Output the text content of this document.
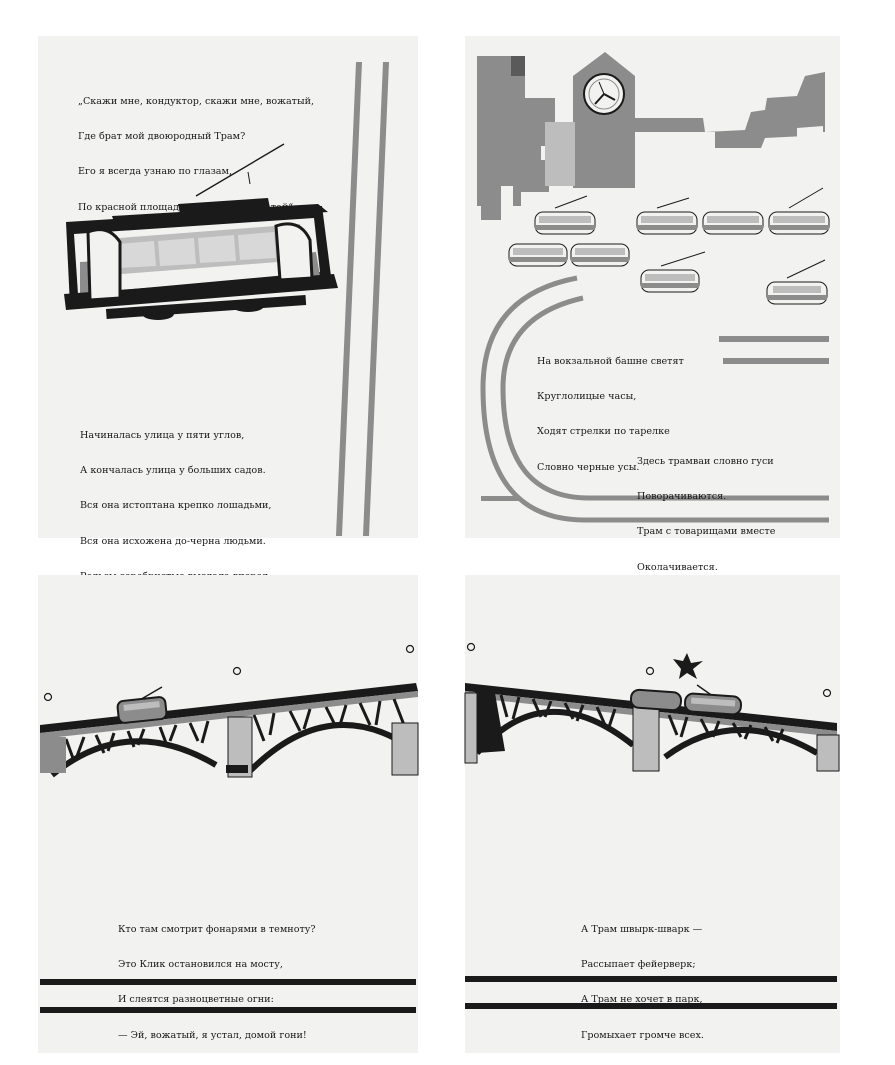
„Скажи мне, кондуктор, скажи мне, вожатый,

Где брат мой двоюродный Трам?

Его я всегда узнаю по глазам,

По красной площадке и спинке горбатой“.

Начиналась улица у пяти углов,

А кончалась улица у больших садов.

Вся она истоптана крепко лошадьми,

Вся она исхожена до-черна людьми.

На вокзальной башне светят

Круглолицые часы,

Ходят стрелки по тарелке

Словно черные усы.

Здесь трамваи словно гуси

Поворачиваются.

Трам с товарищами вместе

Околачивается.

Кто там смотрит фонарями в темноту?

Это Клик остановился на мосту,

И слеятся разноцветные огни:

— Эй, вожатый, я устал, домой гони!

А Трам швырк-шварк —

Рассыпает фейерверк;

А Трам не хочет в парк,

Громыхает громче всех.
